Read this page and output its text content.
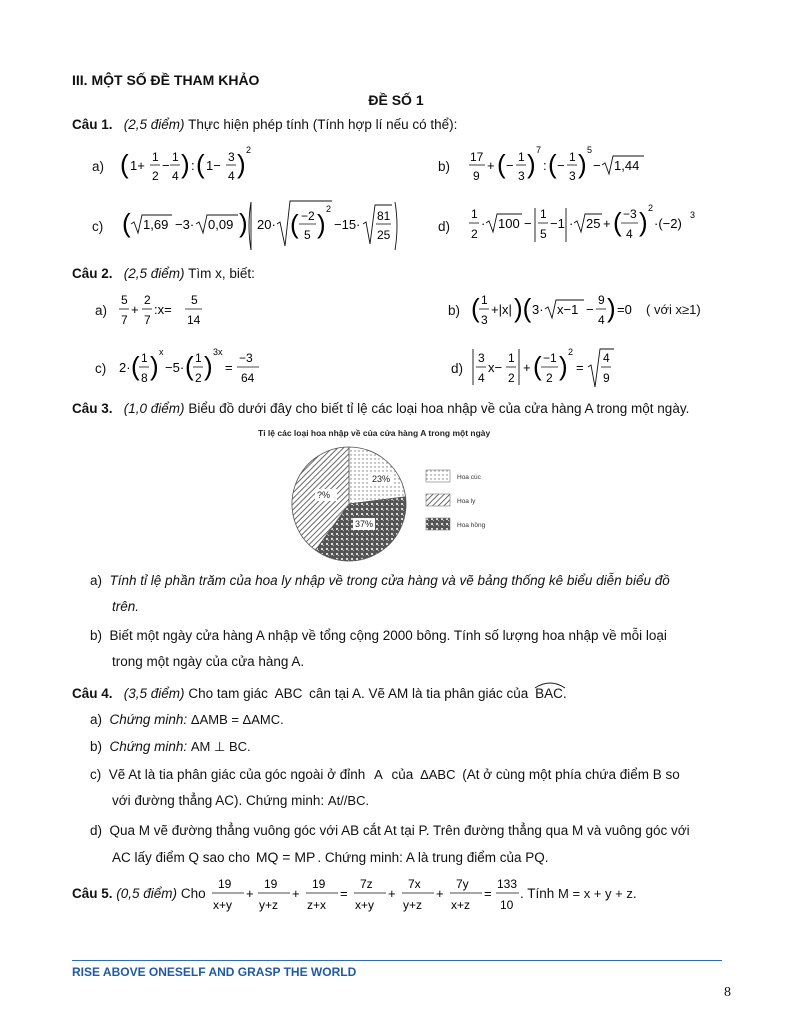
III. MỘT SỐ ĐỀ THAM KHẢO
ĐỀ SỐ 1
Câu 1. (2,5 điểm) Thực hiện phép tính (Tính hợp lí nếu có thể):
a) ( 1+
1
2
−
1
4 ) : ( 1−
3
4 ) 2
b)
17
9
+ ( −
1
3 ) 7
: ( −
1
3 ) 5
− 1,44
c) ( 1,69 −3· 0,09 ) 20· ( −2
5 ) 2
−15·
81
25
d)
1
2
· 100 −
1
5
−1 · 25 + ( −3
4 ) 2
·(−2)
3
Câu 2. (2,5 điểm) Tìm x, biết:
a)
5
7
+
2
7
:x=
5
14
b) ( 1
3
+|x| )( 3· x−1 −
9
4 ) =0 ( với x≥1)
c) 2· ( 1
8 ) x
−5· ( 1
2 ) 3x
=
−3
64
d)
3
4
x−
1
2
+ ( −1
2 ) 2
=
4
9
Câu 3. (1,0 điểm) Biểu đồ dưới đây cho biết tỉ lệ các loại hoa nhập về của cửa hàng A trong một ngày.
Tỉ lệ các loại hoa nhập về của cửa hàng A trong một ngày
23%
37%
?%
Hoa cúc
Hoa ly
Hoa hồng
a) Tính tỉ lệ phần trăm của hoa ly nhập về trong cửa hàng và vẽ bảng thống kê biểu diễn biểu đồ
trên.
b) Biết một ngày cửa hàng A nhập về tổng cộng 2000 bông. Tính số lượng hoa nhập về mỗi loại
trong một ngày của cửa hàng A.
Câu 4. (3,5 điểm) Cho tam giác ABC cân tại A. Vẽ AM là tia phân giác của BAC.
a) Chứng minh: ΔAMB = ΔAMC.
b) Chứng minh: AM ⊥ BC.
c) Vẽ At là tia phân giác của góc ngoài ở đỉnh A của ΔABC (At ở cùng một phía chứa điểm B so
với đường thẳng AC). Chứng minh: At//BC.
d) Qua M vẽ đường thẳng vuông góc với AB cắt At tại P. Trên đường thẳng qua M và vuông góc với
AC lấy điểm Q sao cho MQ = MP . Chứng minh: A là trung điểm của PQ.
Câu 5. (0,5 điểm) Cho
19
x+y
+
19
y+z
+
19
z+x
=
7z
x+y
+
7x
y+z
+
7y
x+z
=
133
10
. Tính M = x + y + z.
RISE ABOVE ONESELF AND GRASP THE WORLD
8
